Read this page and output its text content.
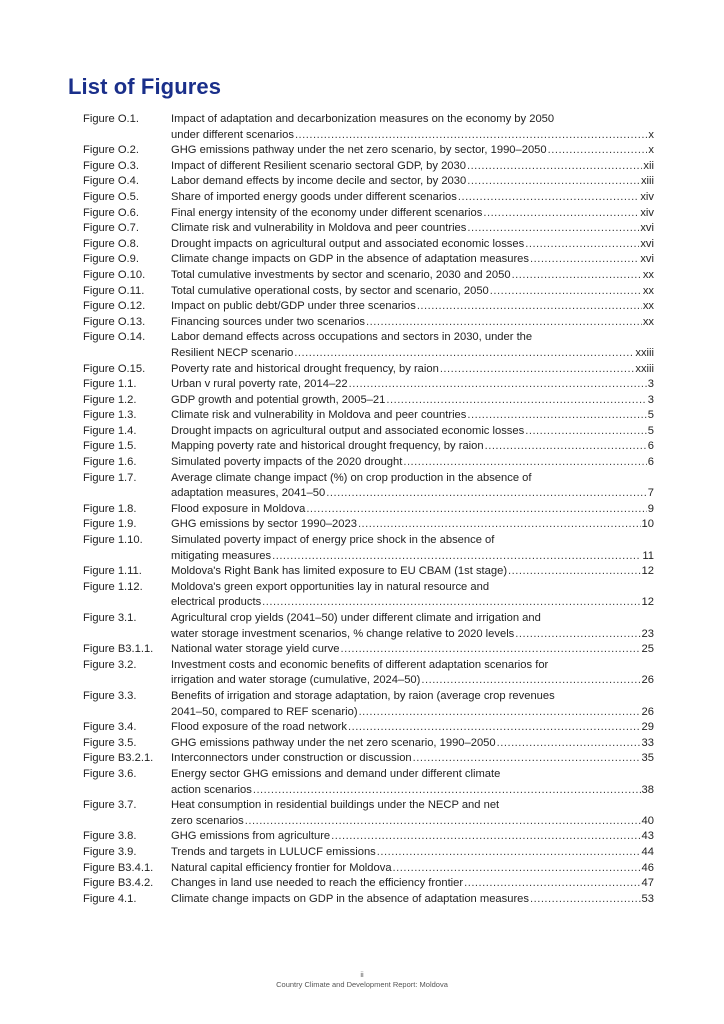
List of Figures
Figure O.1.	Impact of adaptation and decarbonization measures on the economy by 2050
under different scenarios .....	x
Figure O.2.	GHG emissions pathway under the net zero scenario, by sector, 1990–2050 .....	x
Figure O.3.	Impact of different Resilient scenario sectoral GDP, by 2030 .....	xii
Figure O.4.	Labor demand effects by income decile and sector, by 2030 .....	xiii
Figure O.5.	Share of imported energy goods under different scenarios .....	xiv
Figure O.6.	Final energy intensity of the economy under different scenarios .....	xiv
Figure O.7.	Climate risk and vulnerability in Moldova and peer countries .....	xvi
Figure O.8.	Drought impacts on agricultural output and associated economic losses .....	xvi
Figure O.9.	Climate change impacts on GDP in the absence of adaptation measures .....	xvi
Figure O.10.	Total cumulative investments by sector and scenario, 2030 and 2050 .....	xx
Figure O.11.	Total cumulative operational costs, by sector and scenario, 2050 .....	xx
Figure O.12.	Impact on public debt/GDP under three scenarios .....	xx
Figure O.13.	Financing sources under two scenarios .....	xx
Figure O.14.	Labor demand effects across occupations and sectors in 2030, under the
Resilient NECP scenario .....	xxiii
Figure O.15.	Poverty rate and historical drought frequency, by raion .....	xxiii
Figure 1.1.	Urban v rural poverty rate, 2014–22 .....	3
Figure 1.2.	GDP growth and potential growth, 2005–21 .....	3
Figure 1.3.	Climate risk and vulnerability in Moldova and peer countries .....	5
Figure 1.4.	Drought impacts on agricultural output and associated economic losses .....	5
Figure 1.5.	Mapping poverty rate and historical drought frequency, by raion .....	6
Figure 1.6.	Simulated poverty impacts of the 2020 drought .....	6
Figure 1.7.	Average climate change impact (%) on crop production in the absence of
adaptation measures, 2041–50 .....	7
Figure 1.8.	Flood exposure in Moldova .....	9
Figure 1.9.	GHG emissions by sector 1990–2023 .....	10
Figure 1.10.	Simulated poverty impact of energy price shock in the absence of
mitigating measures .....	11
Figure 1.11.	Moldova's Right Bank has limited exposure to EU CBAM (1st stage) .....	12
Figure 1.12.	Moldova's green export opportunities lay in natural resource and
electrical products .....	12
Figure 3.1.	Agricultural crop yields (2041–50) under different climate and irrigation and
water storage investment scenarios, % change relative to 2020 levels .....	23
Figure B3.1.1.	National water storage yield curve .....	25
Figure 3.2.	Investment costs and economic benefits of different adaptation scenarios for
irrigation and water storage (cumulative, 2024–50) .....	26
Figure 3.3.	Benefits of irrigation and storage adaptation, by raion (average crop revenues
2041–50, compared to REF scenario) .....	26
Figure 3.4.	Flood exposure of the road network .....	29
Figure 3.5.	GHG emissions pathway under the net zero scenario, 1990–2050 .....	33
Figure B3.2.1.	Interconnectors under construction or discussion .....	35
Figure 3.6.	Energy sector GHG emissions and demand under different climate
action scenarios .....	38
Figure 3.7.	Heat consumption in residential buildings under the NECP and net
zero scenarios .....	40
Figure 3.8.	GHG emissions from agriculture .....	43
Figure 3.9.	Trends and targets in LULUCF emissions .....	44
Figure B3.4.1.	Natural capital efficiency frontier for Moldova .....	46
Figure B3.4.2.	Changes in land use needed to reach the efficiency frontier .....	47
Figure 4.1.	Climate change impacts on GDP in the absence of adaptation measures .....	53
ii
Country Climate and Development Report: Moldova
